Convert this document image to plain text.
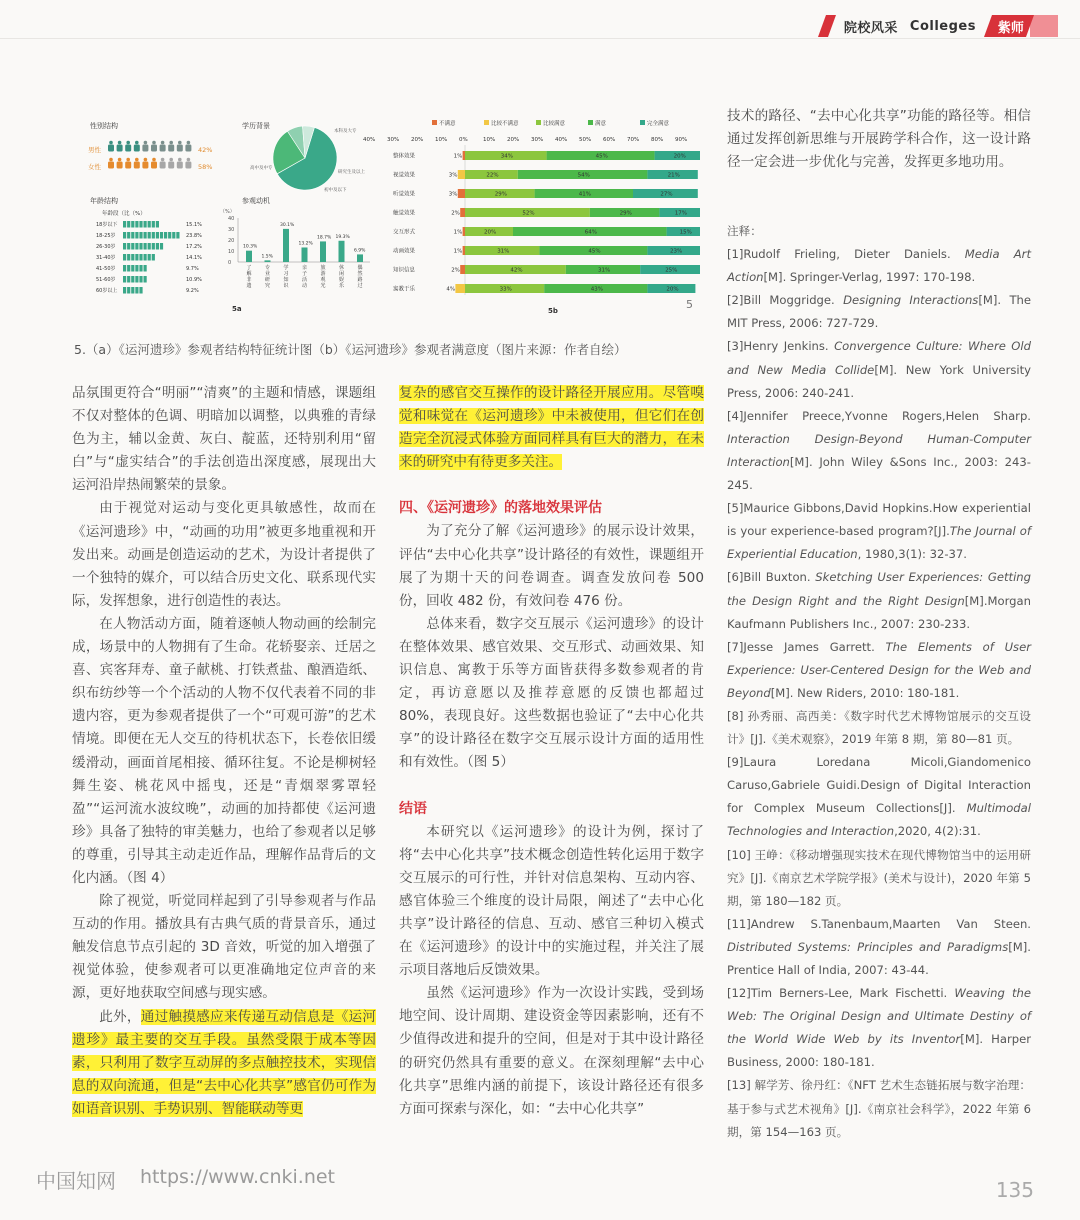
院校风采 Colleges 紫师
性别结构
男性	42%
女性	58%
年龄结构
年龄段（比（%）
18岁以下	15.1%
18-25岁	23.8%
26-30岁	17.2%
31-40岁	14.1%
41-50岁	9.7%
51-60岁	10.9%
60岁以上	9.2%
学历背景
本科及大专
高中及中专
研究生及以上
初中及以下
参观动机
（%）
40
30
20
10
0
10.3%
了
解
非
遗
1.5%
专
业
研
究
30.1%
学
习
知
识
13.2%
亲
子
活
动
18.7%
旅
游
观
光
19.3%
休
闲
娱
乐
6.9%
偶
然
路
过
5a
不满意	比较不满意	比较满意	满意	完全满意
40% 30% 20% 10% 0%	10% 20% 30% 40% 50% 60% 70% 80% 90%
整体效果	1%	34%	45%	20%
视觉效果	3%	22%	54%	21%
听觉效果	3%	29%	41%	27%
触觉效果	2%	52%	29%	17%
交互形式	1%	20%	64%	15%
动画效果	1%	31%	45%	23%
知识信息	2%	42%	31%	25%
寓教于乐	4%	33%	43%	20%
5b	5
5.（a）《运河遗珍》参观者结构特征统计图（b）《运河遗珍》参观者满意度（图片来源：作者自绘）

品氛围更符合“明丽”“清爽”的主题和情感，课题组不仅对整体的色调、明暗加以调整，以典雅的青绿色为主，辅以金黄、灰白、靛蓝，还特别利用“留白”与“虚实结合”的手法创造出深度感，展现出大运河沿岸热闹繁荣的景象。

由于视觉对运动与变化更具敏感性，故而在《运河遗珍》中，“动画的功用”被更多地重视和开发出来。动画是创造运动的艺术，为设计者提供了一个独特的媒介，可以结合历史文化、联系现代实际，发挥想象，进行创造性的表达。

在人物活动方面，随着逐帧人物动画的绘制完成，场景中的人物拥有了生命。花轿娶亲、迁居之喜、宾客拜寿、童子献桃、打铁煮盐、酿酒造纸、织布纺纱等一个个活动的人物不仅代表着不同的非遗内容，更为参观者提供了一个“可观可游”的艺术情境。即便在无人交互的待机状态下，长卷依旧缓缓滑动，画面首尾相接、循环往复。不论是柳树轻舞生姿、桃花风中摇曳，还是“青烟翠雾罩轻盈”“运河流水波纹晚”，动画的加持都使《运河遗珍》具备了独特的审美魅力，也给了参观者以足够的尊重，引导其主动走近作品，理解作品背后的文化内涵。（图 4）

除了视觉，听觉同样起到了引导参观者与作品互动的作用。播放具有古典气质的背景音乐，通过触发信息节点引起的 3D 音效，听觉的加入增强了视觉体验，使参观者可以更准确地定位声音的来源，更好地获取空间感与现实感。

此外，通过触摸感应来传递互动信息是《运河遗珍》最主要的交互手段。虽然受限于成本等因素，只利用了数字互动屏的多点触控技术，实现信息的双向流通，但是“去中心化共享”感官仍可作为如语音识别、手势识别、智能联动等更

复杂的感官交互操作的设计路径开展应用。尽管嗅觉和味觉在《运河遗珍》中未被使用，但它们在创造完全沉浸式体验方面同样具有巨大的潜力，在未来的研究中有待更多关注。

四、《运河遗珍》的落地效果评估

为了充分了解《运河遗珍》的展示设计效果，评估“去中心化共享”设计路径的有效性，课题组开展了为期十天的问卷调查。调查发放问卷 500 份，回收 482 份，有效问卷 476 份。

总体来看，数字交互展示《运河遗珍》的设计在整体效果、感官效果、交互形式、动画效果、知识信息、寓教于乐等方面皆获得多数参观者的肯定，再访意愿以及推荐意愿的反馈也都超过 80%，表现良好。这些数据也验证了“去中心化共享”的设计路径在数字交互展示设计方面的适用性和有效性。（图 5）

结语

本研究以《运河遗珍》的设计为例，探讨了将“去中心化共享”技术概念创造性转化运用于数字交互展示的可行性，并针对信息架构、互动内容、感官体验三个维度的设计局限，阐述了“去中心化共享”设计路径的信息、互动、感官三种切入模式在《运河遗珍》的设计中的实施过程，并关注了展示项目落地后反馈效果。

虽然《运河遗珍》作为一次设计实践，受到场地空间、设计周期、建设资金等因素影响，还有不少值得改进和提升的空间，但是对于其中设计路径的研究仍然具有重要的意义。在深刻理解“去中心化共享”思维内涵的前提下，该设计路径还有很多方面可探索与深化，如：“去中心化共享”

技术的路径、“去中心化共享”功能的路径等。相信通过发挥创新思维与开展跨学科合作，这一设计路径一定会进一步优化与完善，发挥更多地功用。

注释：

[1]Rudolf Frieling, Dieter Daniels. Media Art Action[M]. Springer-Verlag, 1997: 170-198.

[2]Bill Moggridge. Designing Interactions[M]. The MIT Press, 2006: 727-729.

[3]Henry Jenkins. Convergence Culture: Where Old and New Media Collide[M]. New York University Press, 2006: 240-241.

[4]Jennifer Preece,Yvonne Rogers,Helen Sharp. Interaction Design-Beyond Human-Computer Interaction[M]. John Wiley &Sons Inc., 2003: 243-245.

[5]Maurice Gibbons,David Hopkins.How experiential is your experience-based program?[J].The Journal of Experiential Education, 1980,3(1): 32-37.

[6]Bill Buxton. Sketching User Experiences: Getting the Design Right and the Right Design[M].Morgan Kaufmann Publishers Inc., 2007: 230-233.

[7]Jesse James Garrett. The Elements of User Experience: User-Centered Design for the Web and Beyond[M]. New Riders, 2010: 180-181.

[8] 孙秀丽、高西美：《数字时代艺术博物馆展示的交互设计》[J].《美术观察》，2019 年第 8 期，第 80—81 页。

[9]Laura Loredana Micoli,Giandomenico Caruso,Gabriele Guidi.Design of Digital Interaction for Complex Museum Collections[J]. Multimodal Technologies and Interaction,2020, 4(2):31.

[10] 王峥：《移动增强现实技术在现代博物馆当中的运用研究》[J].《南京艺术学院学报》(美术与设计)，2020 年第 5 期，第 180—182 页。

[11]Andrew S.Tanenbaum,Maarten Van Steen. Distributed Systems: Principles and Paradigms[M]. Prentice Hall of India, 2007: 43-44.

[12]Tim Berners-Lee, Mark Fischetti. Weaving the Web: The Original Design and Ultimate Destiny of the World Wide Web by its Inventor[M]. Harper Business, 2000: 180-181.

[13] 解学芳、徐丹红：《NFT 艺术生态链拓展与数字治理：基于参与式艺术视角》[J].《南京社会科学》，2022 年第 6 期，第 154—163 页。

中国知网 https://www.cnki.net
135
